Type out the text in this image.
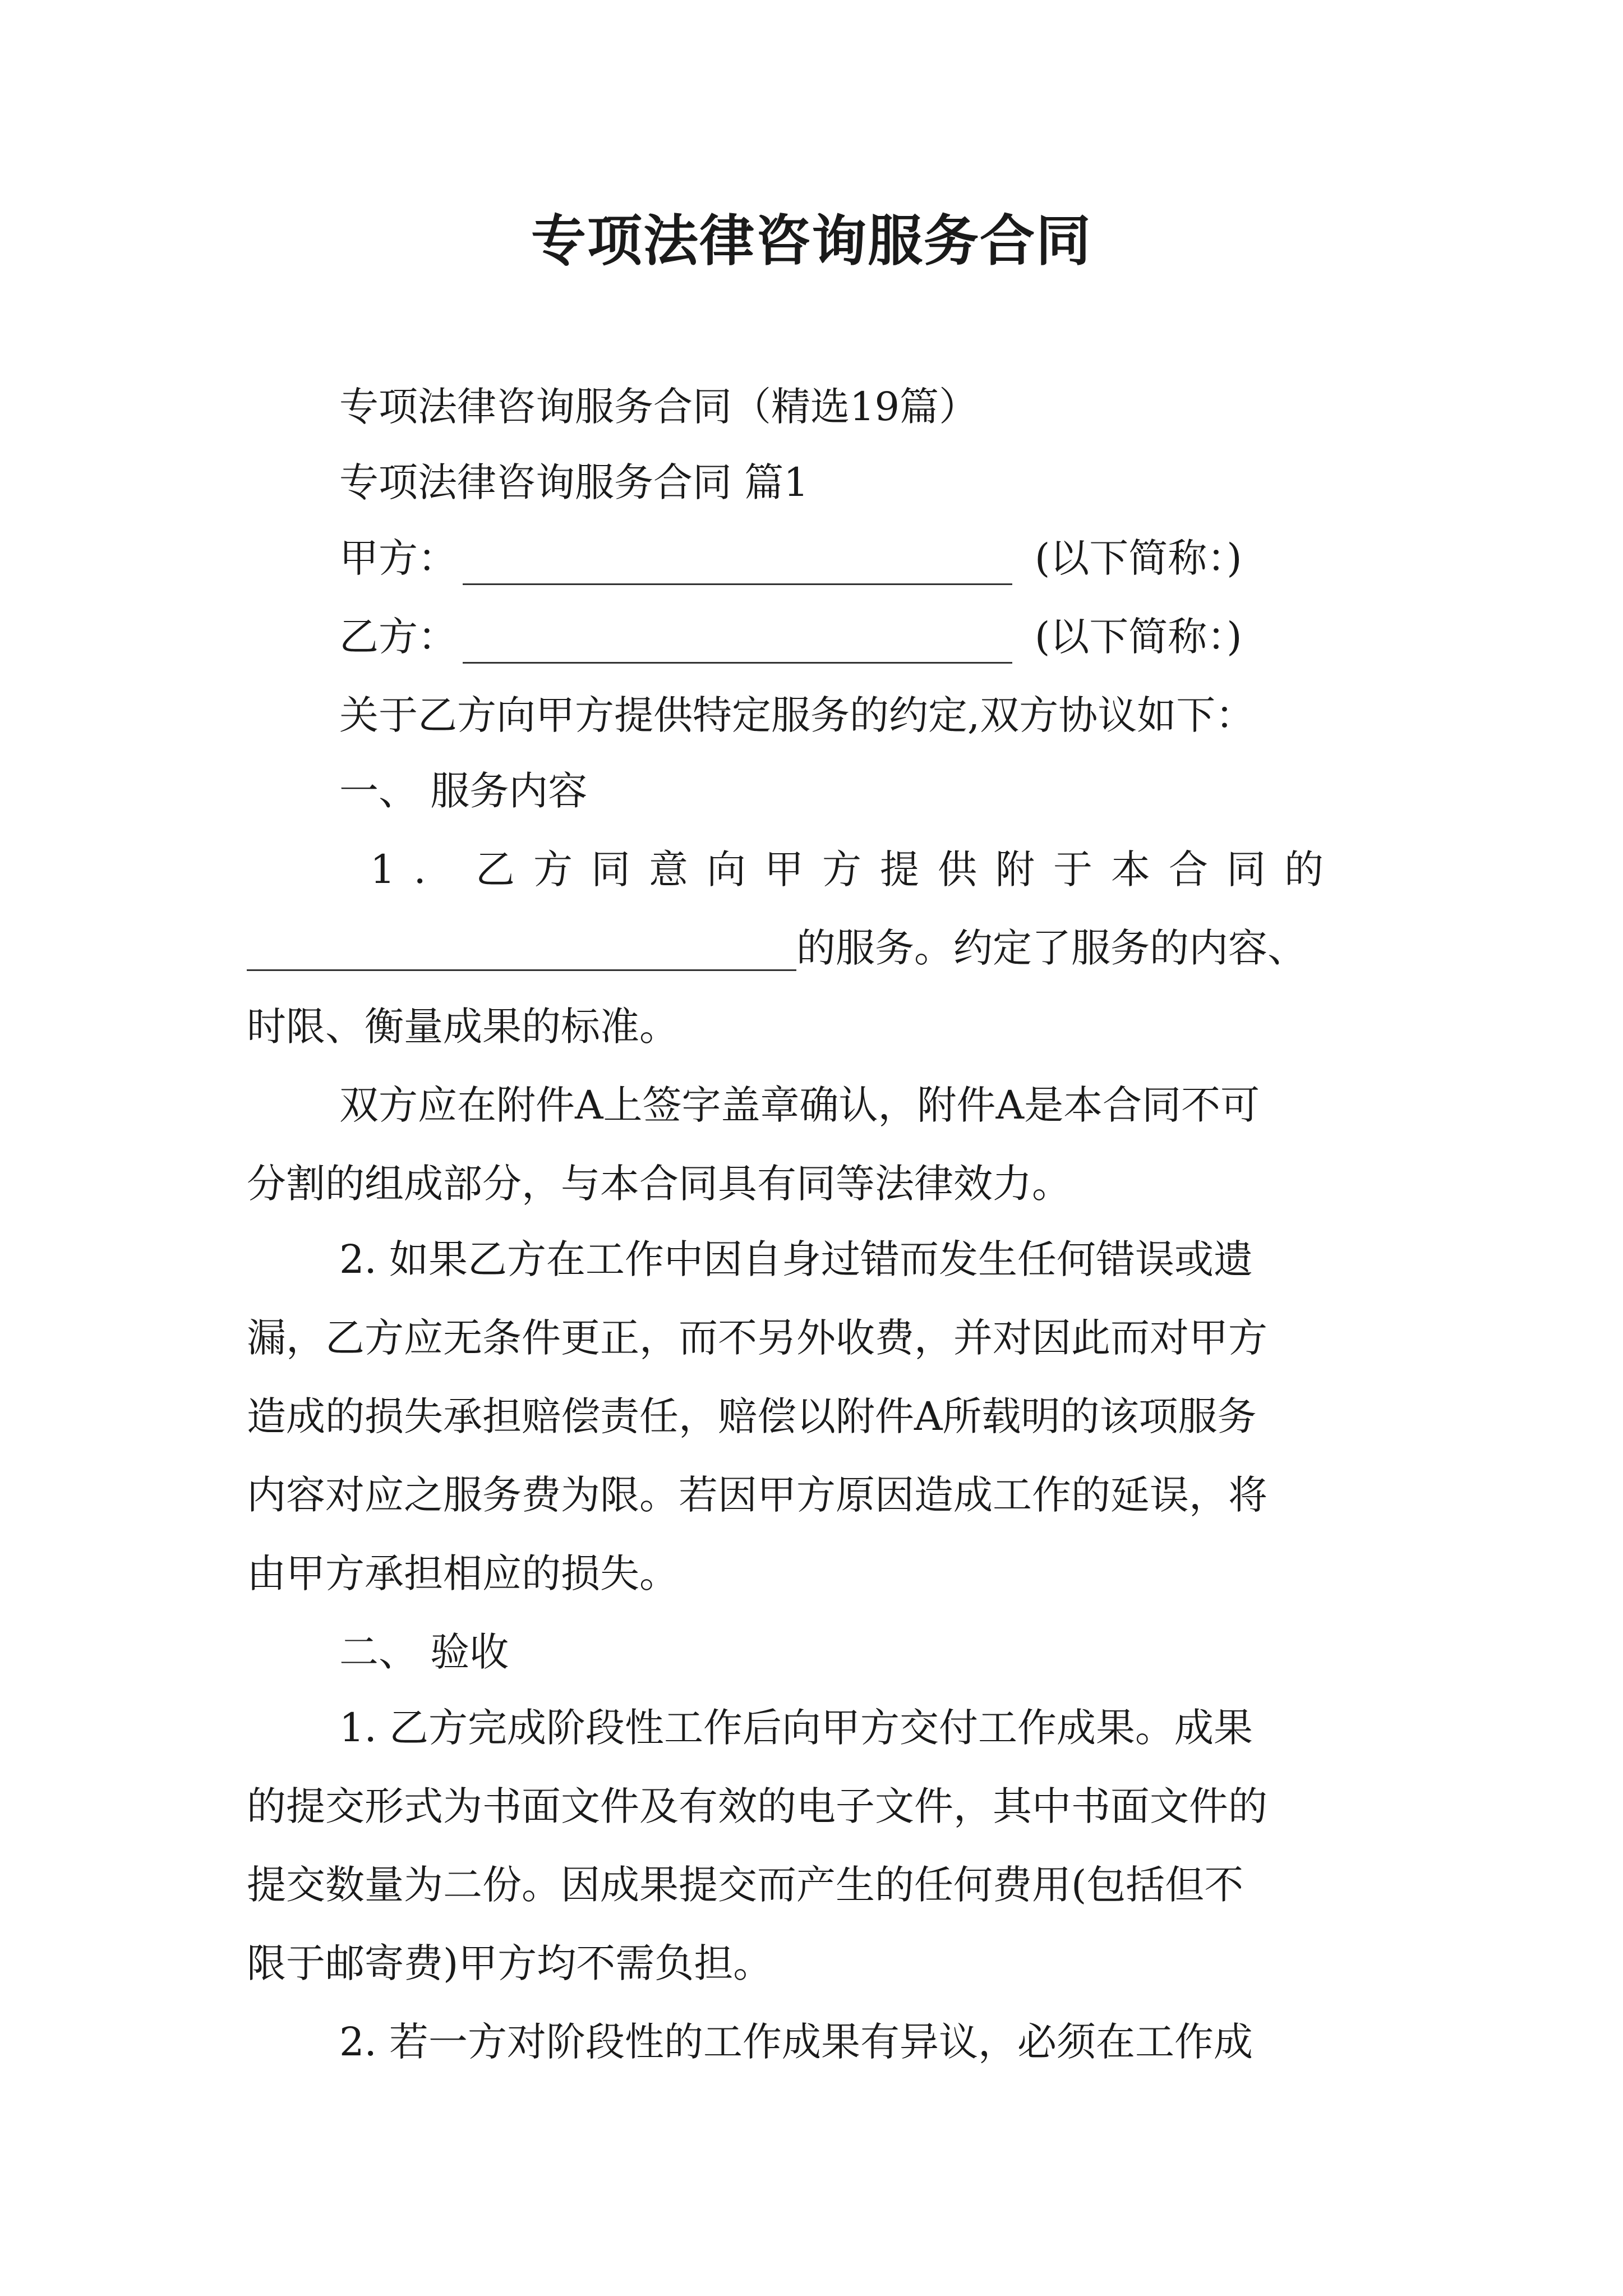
专项法律咨询服务合同
专项法律咨询服务合同（精选19篇）
专项法律咨询服务合同 篇1
甲方：	(以下简称：)
乙方：	(以下简称：)
关于乙方向甲方提供特定服务的约定,双方协议如下：
一、 服务内容
1. 乙方同意向甲方提供附于本合同的
的服务。约定了服务的内容、
时限、衡量成果的标准。
双方应在附件A上签字盖章确认，附件A是本合同不可
分割的组成部分，与本合同具有同等法律效力。
2. 如果乙方在工作中因自身过错而发生任何错误或遗
漏，乙方应无条件更正，而不另外收费，并对因此而对甲方
造成的损失承担赔偿责任，赔偿以附件A所载明的该项服务
内容对应之服务费为限。若因甲方原因造成工作的延误，将
由甲方承担相应的损失。
二、 验收
1. 乙方完成阶段性工作后向甲方交付工作成果。成果
的提交形式为书面文件及有效的电子文件，其中书面文件的
提交数量为二份。因成果提交而产生的任何费用(包括但不
限于邮寄费)甲方均不需负担。
2. 若一方对阶段性的工作成果有异议，必须在工作成
